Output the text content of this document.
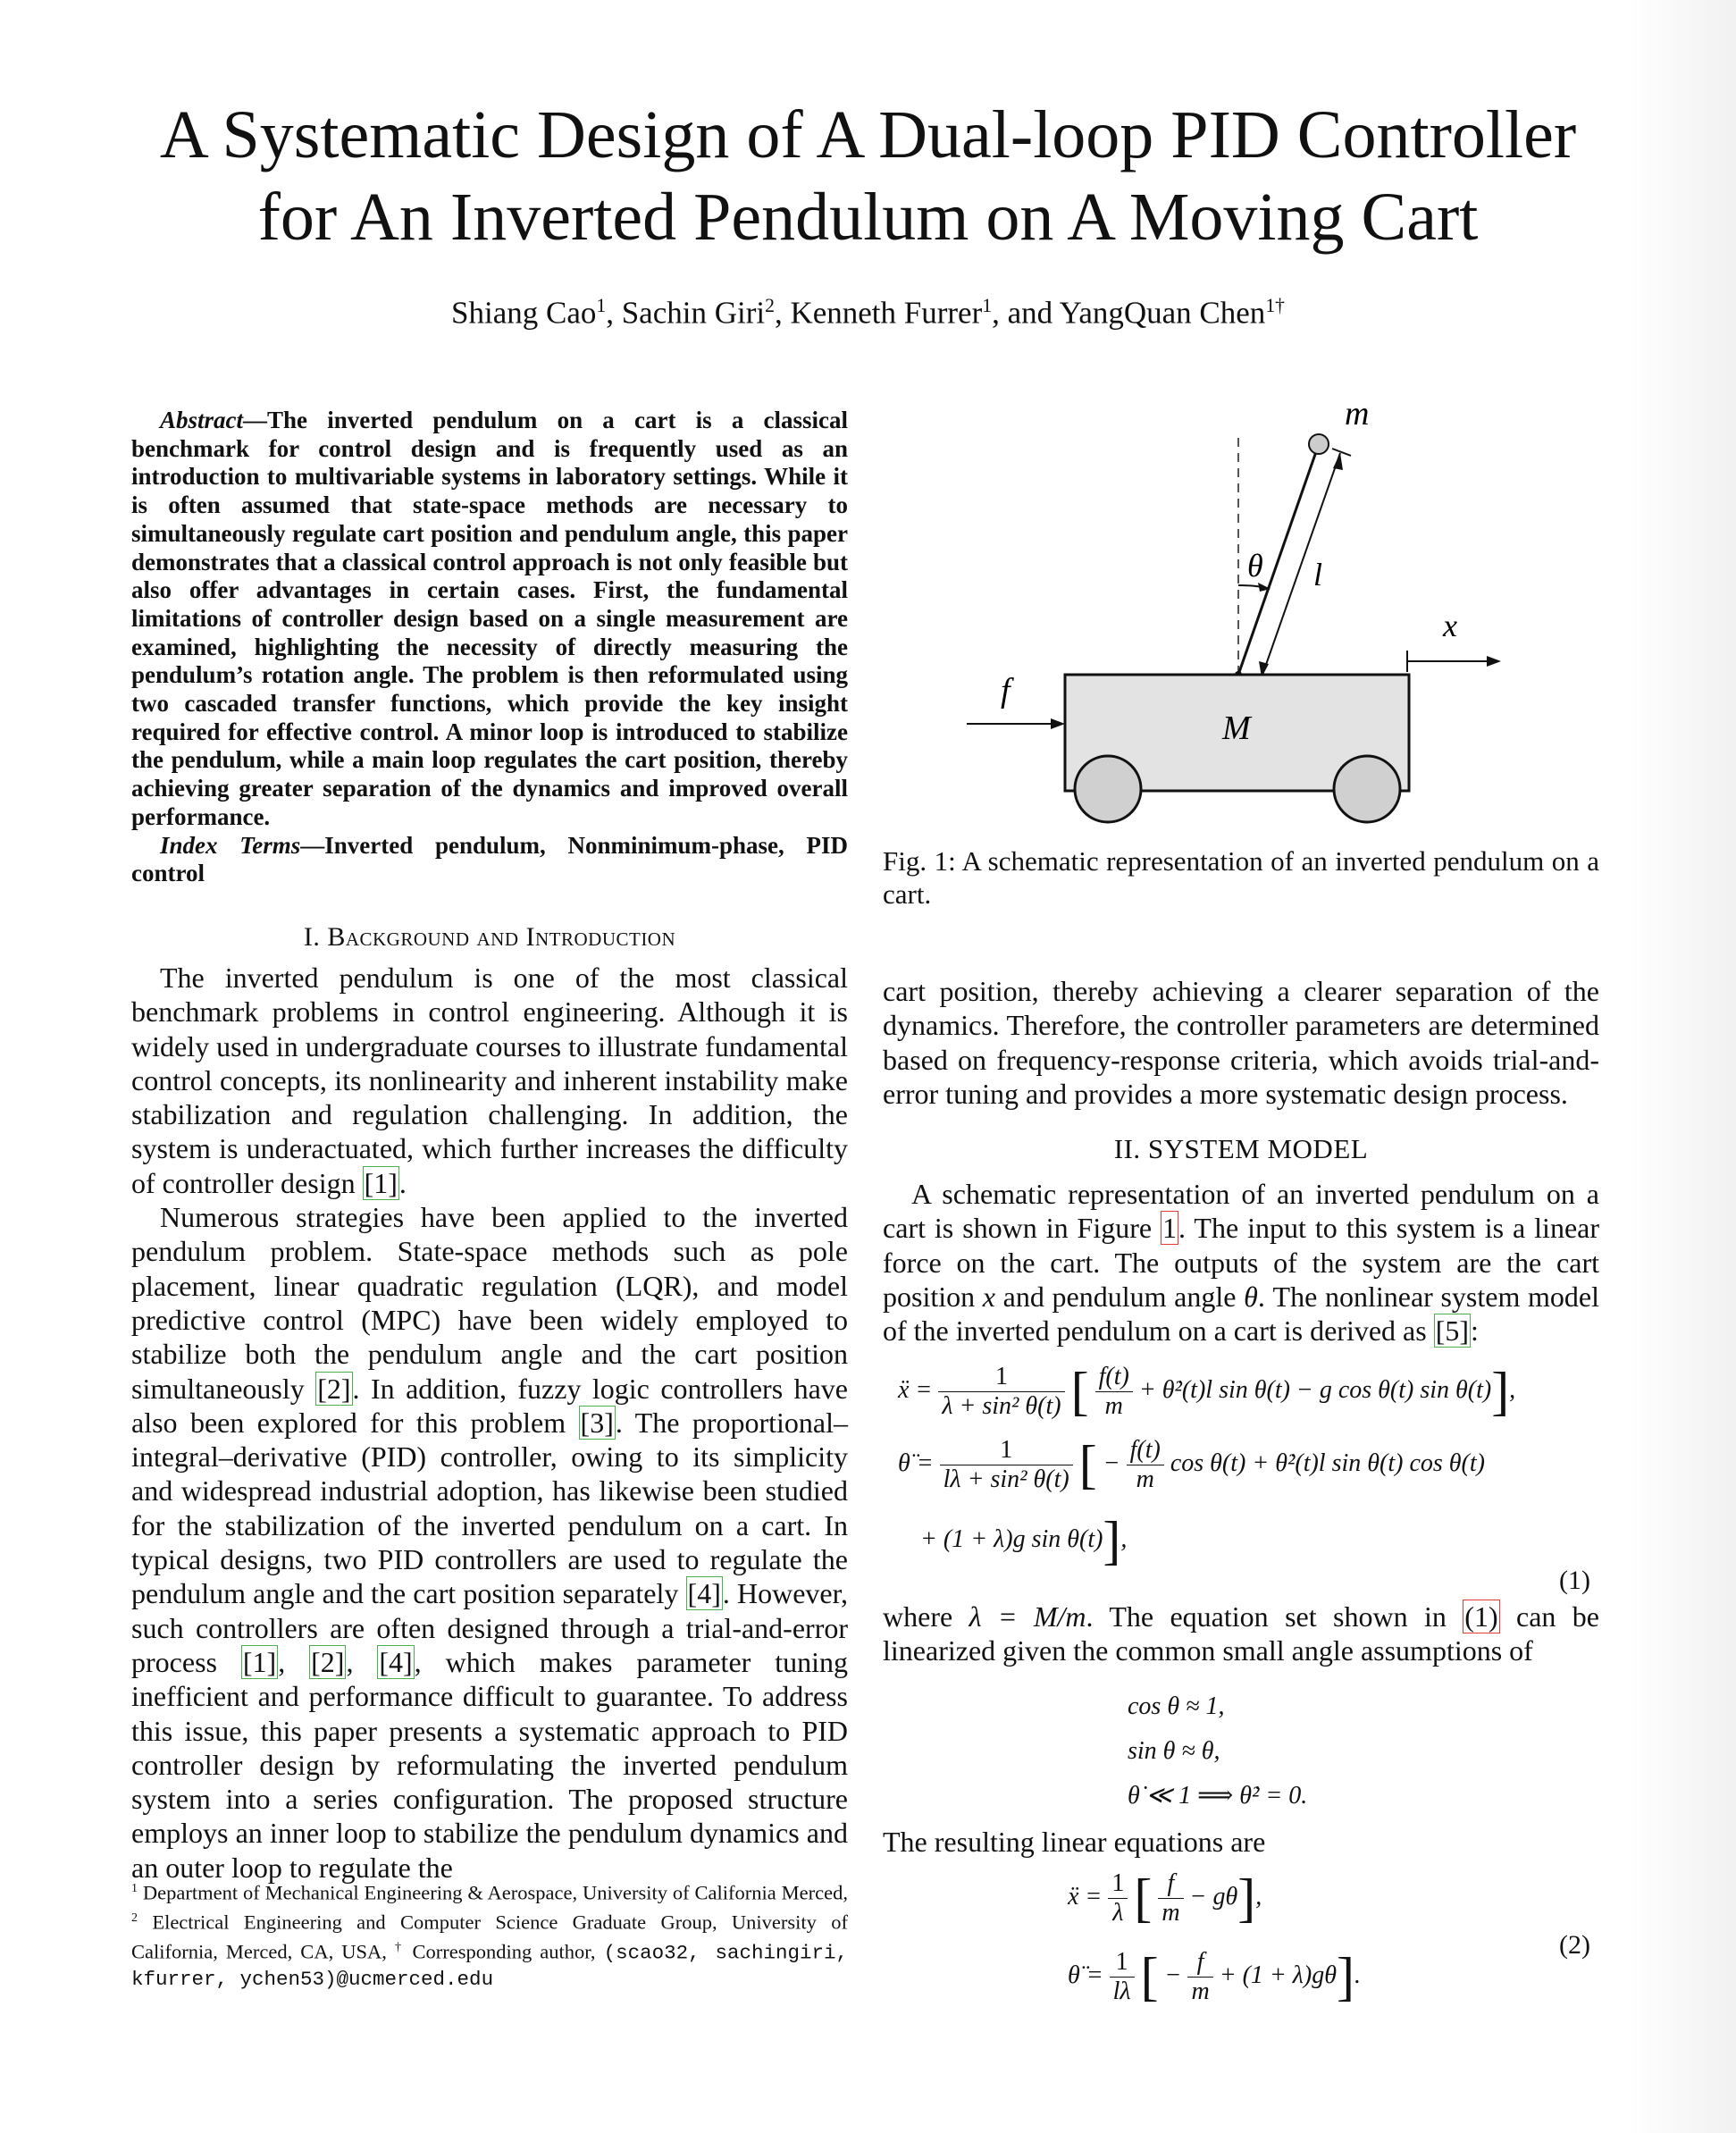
A Systematic Design of A Dual-loop PID Controller
for An Inverted Pendulum on A Moving Cart
Shiang Cao$^1$, Sachin Giri$^2$, Kenneth Furrer$^1$, and YangQuan Chen$^{1\dagger}$

Abstract—The inverted pendulum on a cart is a classical benchmark for control design and is frequently used as an introduction to multivariable systems in laboratory settings. While it is often assumed that state-space methods are necessary to simultaneously regulate cart position and pendulum angle, this paper demonstrates that a classical control approach is not only feasible but also offer advantages in certain cases. First, the fundamental limitations of controller design based on a single measurement are examined, highlighting the necessity of directly measuring the pendulum’s rotation angle. The problem is then reformulated using two cascaded transfer functions, which provide the key insight required for effective control. A minor loop is introduced to stabilize the pendulum, while a main loop regulates the cart position, thereby achieving greater separation of the dynamics and improved overall performance.

Index Terms—Inverted pendulum, Nonminimum-phase, PID control

I. Background and Introduction

The inverted pendulum is one of the most classical benchmark problems in control engineering. Although it is widely used in undergraduate courses to illustrate fundamental control concepts, its nonlinearity and inherent instability make stabilization and regulation challenging. In addition, the system is underactuated, which further increases the difficulty of controller design [1].

Numerous strategies have been applied to the inverted pendulum problem. State-space methods such as pole placement, linear quadratic regulation (LQR), and model predictive control (MPC) have been widely employed to stabilize both the pendulum angle and the cart position simultaneously [2]. In addition, fuzzy logic controllers have also been explored for this problem [3]. The proportional–integral–derivative (PID) controller, owing to its simplicity and widespread industrial adoption, has likewise been studied for the stabilization of the inverted pendulum on a cart. In typical designs, two PID controllers are used to regulate the pendulum angle and the cart position separately [4]. However, such controllers are often designed through a trial-and-error process [1], [2], [4], which makes parameter tuning inefficient and performance difficult to guarantee. To address this issue, this paper presents a systematic approach to PID controller design by reformulating the inverted pendulum system into a series configuration. The proposed structure employs an inner loop to stabilize the pendulum dynamics and an outer loop to regulate the

$^1$ Department of Mechanical Engineering & Aerospace, University of California Merced, $^2$ Electrical Engineering and Computer Science Graduate Group, University of California, Merced, CA, USA, † Corresponding author, (scao32, sachingiri, kfurrer, ychen53)@ucmerced.edu
m
θ l
x
f
M
Fig. 1: A schematic representation of an inverted pendulum on a cart.

cart position, thereby achieving a clearer separation of the dynamics. Therefore, the controller parameters are determined based on frequency-response criteria, which avoids trial-and-error tuning and provides a more systematic design process.

II. SYSTEM MODEL

A schematic representation of an inverted pendulum on a cart is shown in Figure 1. The input to this system is a linear force on the cart. The outputs of the system are the cart position x and pendulum angle θ. The nonlinear system model of the inverted pendulum on a cart is derived as [5]:

ẍ = $\frac{1}{\text{λ + sin² θ(t)}}$ [ $\frac{f(t)}{m}$ + θ̇²(t)l sin θ(t) − g cos θ(t) sin θ(t)],
θ̈ = $\frac{1}{\text{lλ + sin² θ(t)}}$ [ − $\frac{f(t)}{m}$ cos θ(t) + θ̇²(t)l sin θ(t) cos θ(t)
+ (1 + λ)g sin θ(t)],
(1)

where λ = M/m. The equation set shown in (1) can be linearized given the common small angle assumptions of

cos θ ≈ 1,
sin θ ≈ θ,
θ̇ ≪ 1 ⟹ θ̇² = 0.

The resulting linear equations are

ẍ = $\frac{1}{\lambda}$ [ $\frac{f}{m} - g\theta$],
θ̈ = $\frac{1}{l\lambda}$ [ − $\frac{f}{m} + (1 + \lambda)g\theta$].
(2)
